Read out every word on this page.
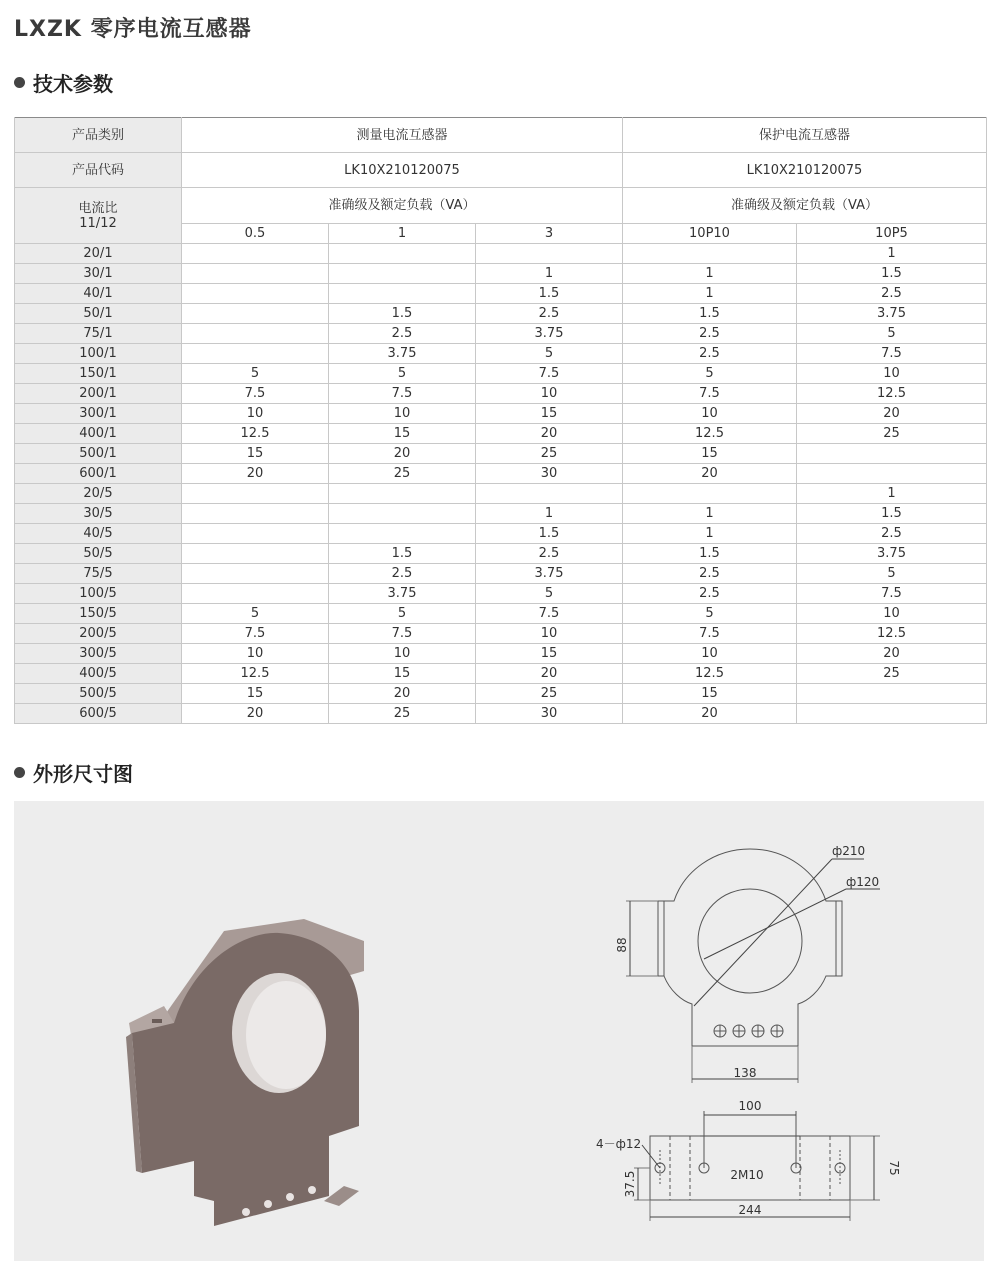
LXZK 零序电流互感器
技术参数
产品类别	测量电流互感器			保护电流互感器	
产品代码	LK10X210120075			LK10X210120075	
电流比
11/12	准确级及额定负载（VA）			准确级及额定负载（VA）	
	0.5	1	3	10P10	10P5
20/1					1
30/1			1	1	1.5
40/1			1.5	1	2.5
50/1		1.5	2.5	1.5	3.75
75/1		2.5	3.75	2.5	5
100/1		3.75	5	2.5	7.5
150/1	5	5	7.5	5	10
200/1	7.5	7.5	10	7.5	12.5
300/1	10	10	15	10	20
400/1	12.5	15	20	12.5	25
500/1	15	20	25	15	
600/1	20	25	30	20	
20/5					1
30/5			1	1	1.5
40/5			1.5	1	2.5
50/5		1.5	2.5	1.5	3.75
75/5		2.5	3.75	2.5	5
100/5		3.75	5	2.5	7.5
150/5	5	5	7.5	5	10
200/5	7.5	7.5	10	7.5	12.5
300/5	10	10	15	10	20
400/5	12.5	15	20	12.5	25
500/5	15	20	25	15	
600/5	20	25	30	20	
外形尺寸图
ф210
ф120
88
138
100
4－ф12
2M10
37.5
75
244
